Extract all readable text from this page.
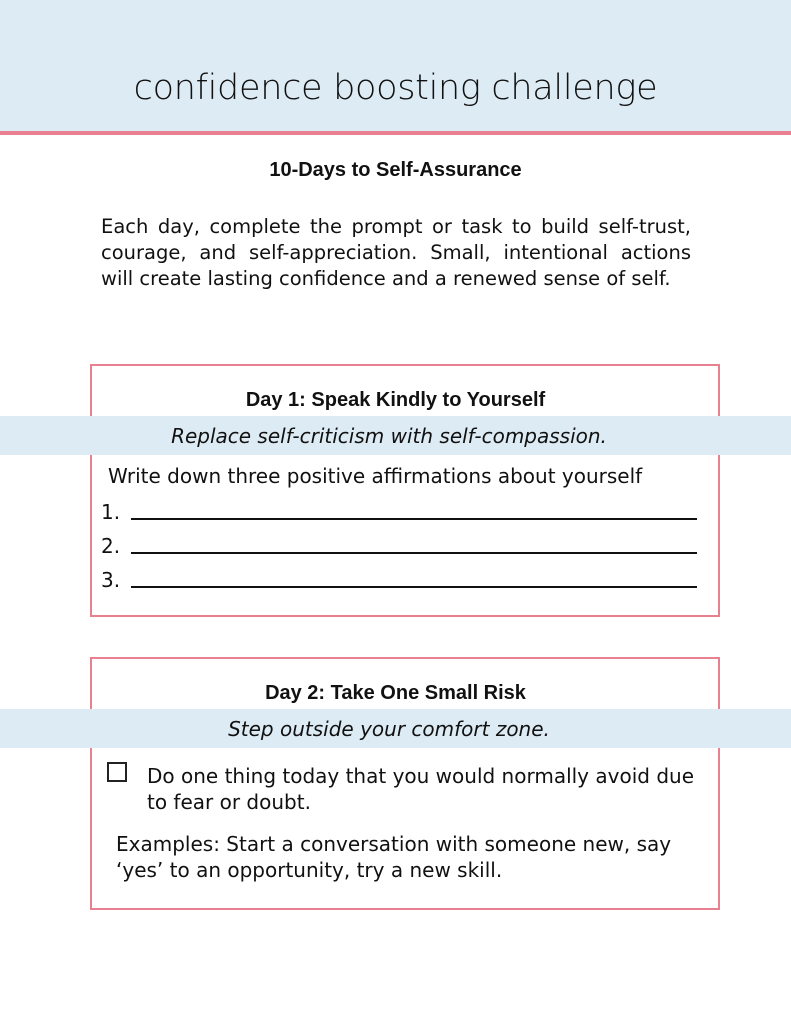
confidence boosting challenge
10-Days to Self-Assurance
Each day, complete the prompt or task to build self-trust, courage, and self-appreciation. Small, intentional actions will create lasting confidence and a renewed sense of self.
Day 1: Speak Kindly to Yourself
Replace self-criticism with self-compassion.
Write down three positive affirmations about yourself
1.
2.
3.
Day 2: Take One Small Risk
Step outside your comfort zone.
Do one thing today that you would normally avoid due to fear or doubt.
Examples: Start a conversation with someone new, say ‘yes’ to an opportunity, try a new skill.
